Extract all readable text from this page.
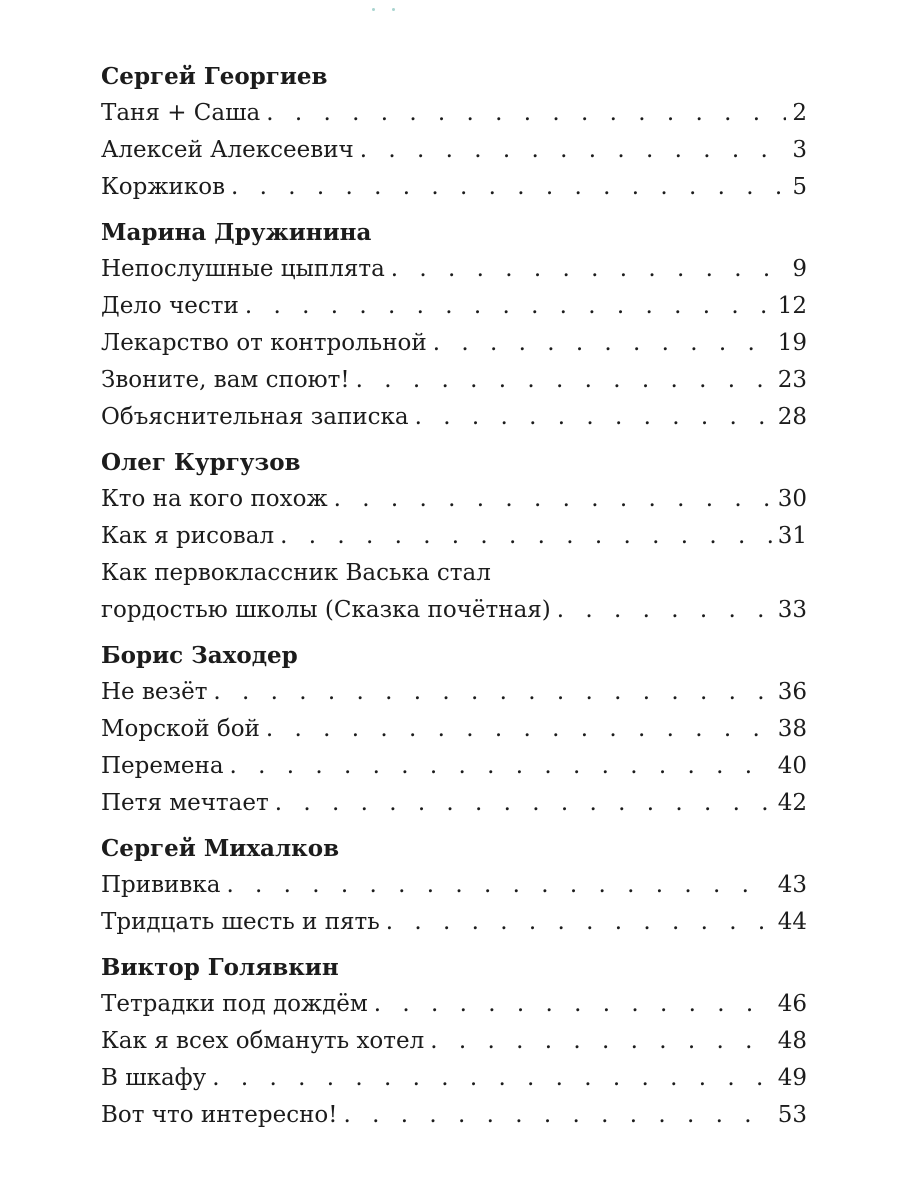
Сергей Георгиев
Таня + Саша . . .	2
Алексей Алексеевич . . .	3
Коржиков . . .	5
Марина Дружинина
Непослушные цыплята . . .	9
Дело чести . . .	12
Лекарство от контрольной . . .	19
Звоните, вам споют! . . .	23
Объяснительная записка . . .	28
Олег Кургузов
Кто на кого похож . . .	30
Как я рисовал . . .	31
Как первоклассник Васька стал
гордостью школы (Сказка почётная) . . .	33
Борис Заходер
Не везёт . . .	36
Морской бой . . .	38
Перемена . . .	40
Петя мечтает . . .	42
Сергей Михалков
Прививка . . .	43
Тридцать шесть и пять . . .	44
Виктор Голявкин
Тетрадки под дождём . . .	46
Как я всех обмануть хотел . . .	48
В шкафу . . .	49
Вот что интересно! . . .	53
